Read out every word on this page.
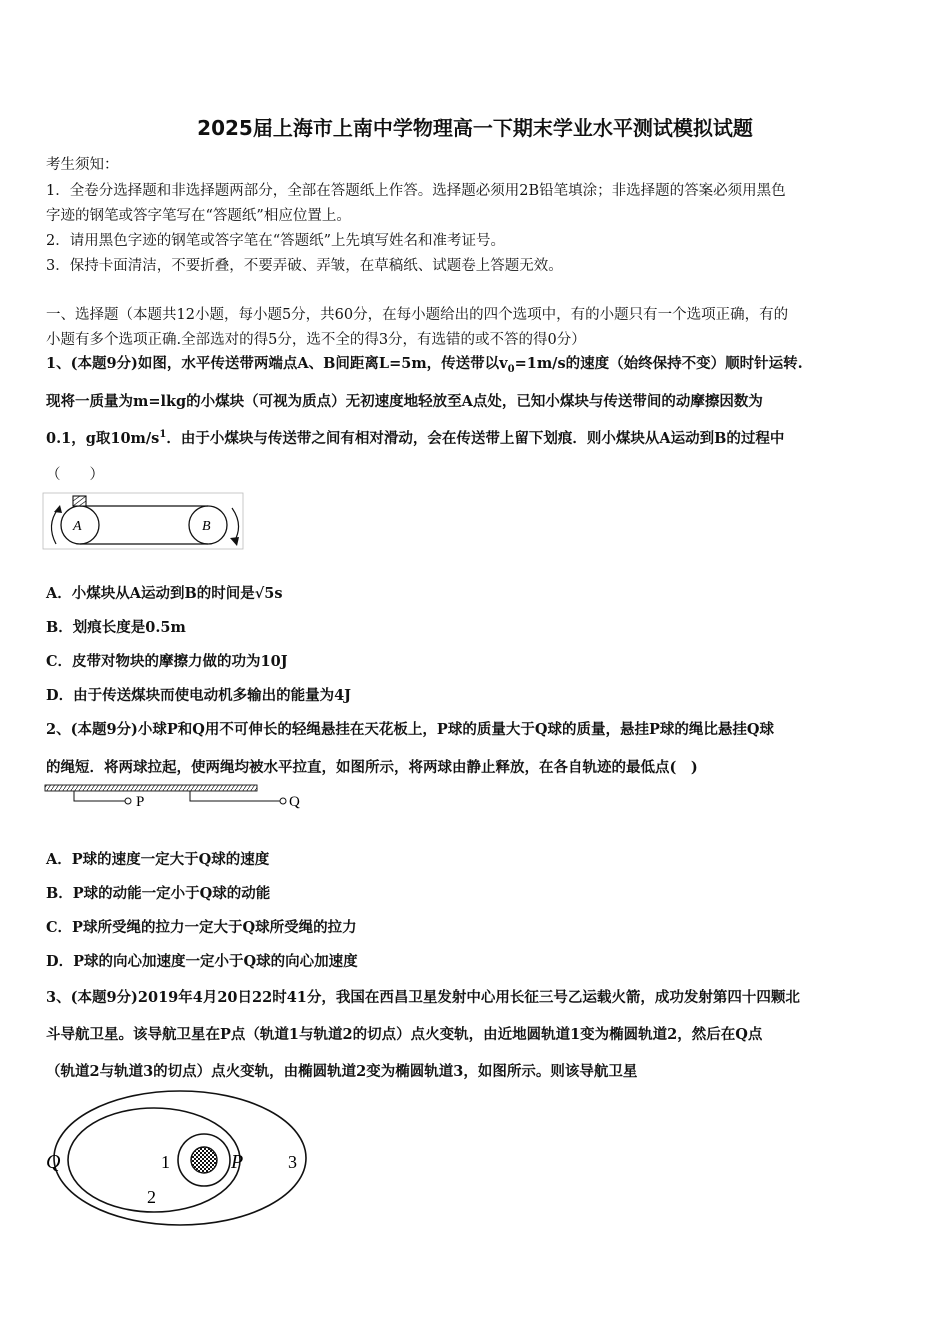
2025届上海市上南中学物理高一下期末学业水平测试模拟试题
考生须知：
1．全卷分选择题和非选择题两部分，全部在答题纸上作答。选择题必须用2B铅笔填涂；非选择题的答案必须用黑色
字迹的钢笔或答字笔写在“答题纸”相应位置上。
2．请用黑色字迹的钢笔或答字笔在“答题纸”上先填写姓名和准考证号。
3．保持卡面清洁，不要折叠，不要弄破、弄皱，在草稿纸、试题卷上答题无效。
一、选择题（本题共12小题，每小题5分，共60分，在每小题给出的四个选项中，有的小题只有一个选项正确，有的
小题有多个选项正确.全部选对的得5分，选不全的得3分，有选错的或不答的得0分）
1、(本题9分)如图，水平传送带两端点A、B间距离L=5m，传送带以$v_0=1m/s$的速度（始终保持不变）顺时针运转.
现将一质量为m=lkg的小煤块（可视为质点）无初速度地轻放至A点处，已知小煤块与传送带间的动摩擦因数为
0.1，g取$10m/s^1$．由于小煤块与传送带之间有相对滑动，会在传送带上留下划痕．则小煤块从A运动到B的过程中
（　　）
A	B
A．小煤块从A运动到B的时间是√5s
B．划痕长度是0.5m
C．皮带对物块的摩擦力做的功为10J
D．由于传送煤块而使电动机多输出的能量为4J
2、(本题9分)小球P和Q用不可伸长的轻绳悬挂在天花板上，P球的质量大于Q球的质量，悬挂P球的绳比悬挂Q球
的绳短．将两球拉起，使两绳均被水平拉直，如图所示，将两球由静止释放，在各自轨迹的最低点(　)
P	Q
A．P球的速度一定大于Q球的速度
B．P球的动能一定小于Q球的动能
C．P球所受绳的拉力一定大于Q球所受绳的拉力
D．P球的向心加速度一定小于Q球的向心加速度
3、(本题9分)2019年4月20日22时41分，我国在西昌卫星发射中心用长征三号乙运载火箭，成功发射第四十四颗北
斗导航卫星。该导航卫星在P点（轨道1与轨道2的切点）点火变轨，由近地圆轨道1变为椭圆轨道2，然后在Q点
（轨道2与轨道3的切点）点火变轨，由椭圆轨道2变为椭圆轨道3，如图所示。则该导航卫星
Q	1	P 3
2
